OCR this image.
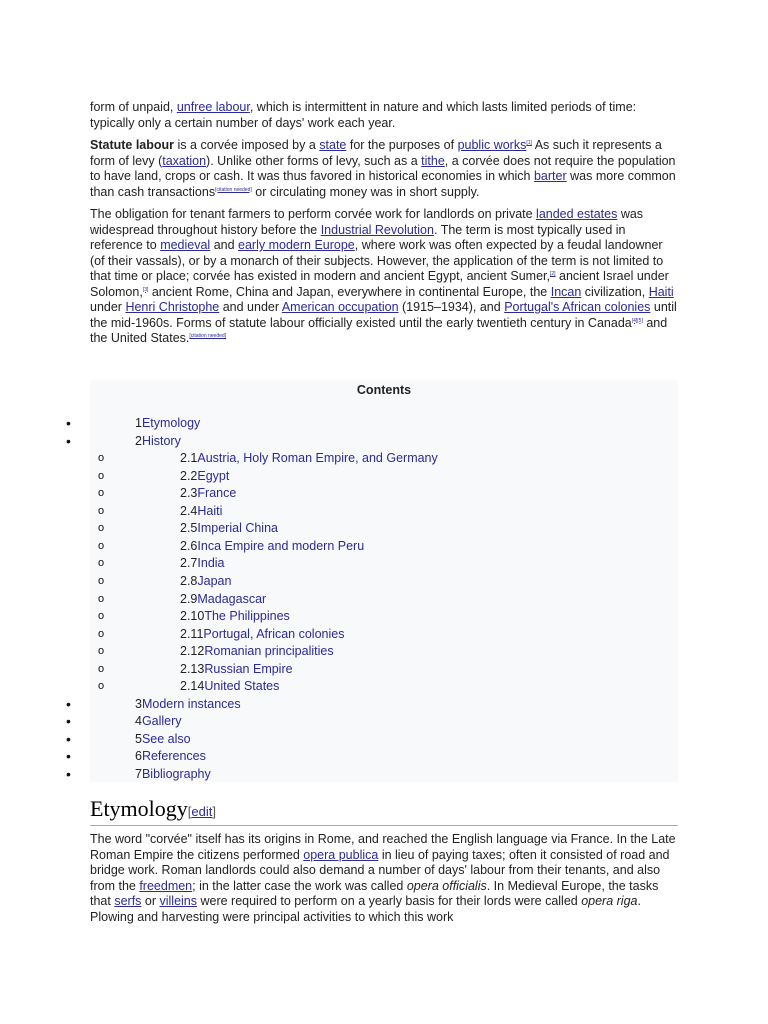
form of unpaid, unfree labour, which is intermittent in nature and which lasts limited periods of time: typically only a certain number of days' work each year.

Statute labour is a corvée imposed by a state for the purposes of public works[1] As such it represents a form of levy (taxation). Unlike other forms of levy, such as a tithe, a corvée does not require the population to have land, crops or cash. It was thus favored in historical economies in which barter was more common than cash transactions[citation needed] or circulating money was in short supply.

The obligation for tenant farmers to perform corvée work for landlords on private landed estates was widespread throughout history before the Industrial Revolution. The term is most typically used in reference to medieval and early modern Europe, where work was often expected by a feudal landowner (of their vassals), or by a monarch of their subjects. However, the application of the term is not limited to that time or place; corvée has existed in modern and ancient Egypt, ancient Sumer,[2] ancient Israel under Solomon,[3] ancient Rome, China and Japan, everywhere in continental Europe, the Incan civilization, Haiti under Henri Christophe and under American occupation (1915–1934), and Portugal's African colonies until the mid-1960s. Forms of statute labour officially existed until the early twentieth century in Canada[4][5] and the United States.[citation needed]

Contents
•	1Etymology
•	2History
o	2.1Austria, Holy Roman Empire, and Germany
o	2.2Egypt
o	2.3France
o	2.4Haiti
o	2.5Imperial China
o	2.6Inca Empire and modern Peru
o	2.7India
o	2.8Japan
o	2.9Madagascar
o	2.10The Philippines
o	2.11Portugal, African colonies
o	2.12Romanian principalities
o	2.13Russian Empire
o	2.14United States
•	3Modern instances
•	4Gallery
•	5See also
•	6References
•	7Bibliography
Etymology[edit]

The word "corvée" itself has its origins in Rome, and reached the English language via France. In the Late Roman Empire the citizens performed opera publica in lieu of paying taxes; often it consisted of road and bridge work. Roman landlords could also demand a number of days' labour from their tenants, and also from the freedmen; in the latter case the work was called opera officialis. In Medieval Europe, the tasks that serfs or villeins were required to perform on a yearly basis for their lords were called opera riga. Plowing and harvesting were principal activities to which this work
